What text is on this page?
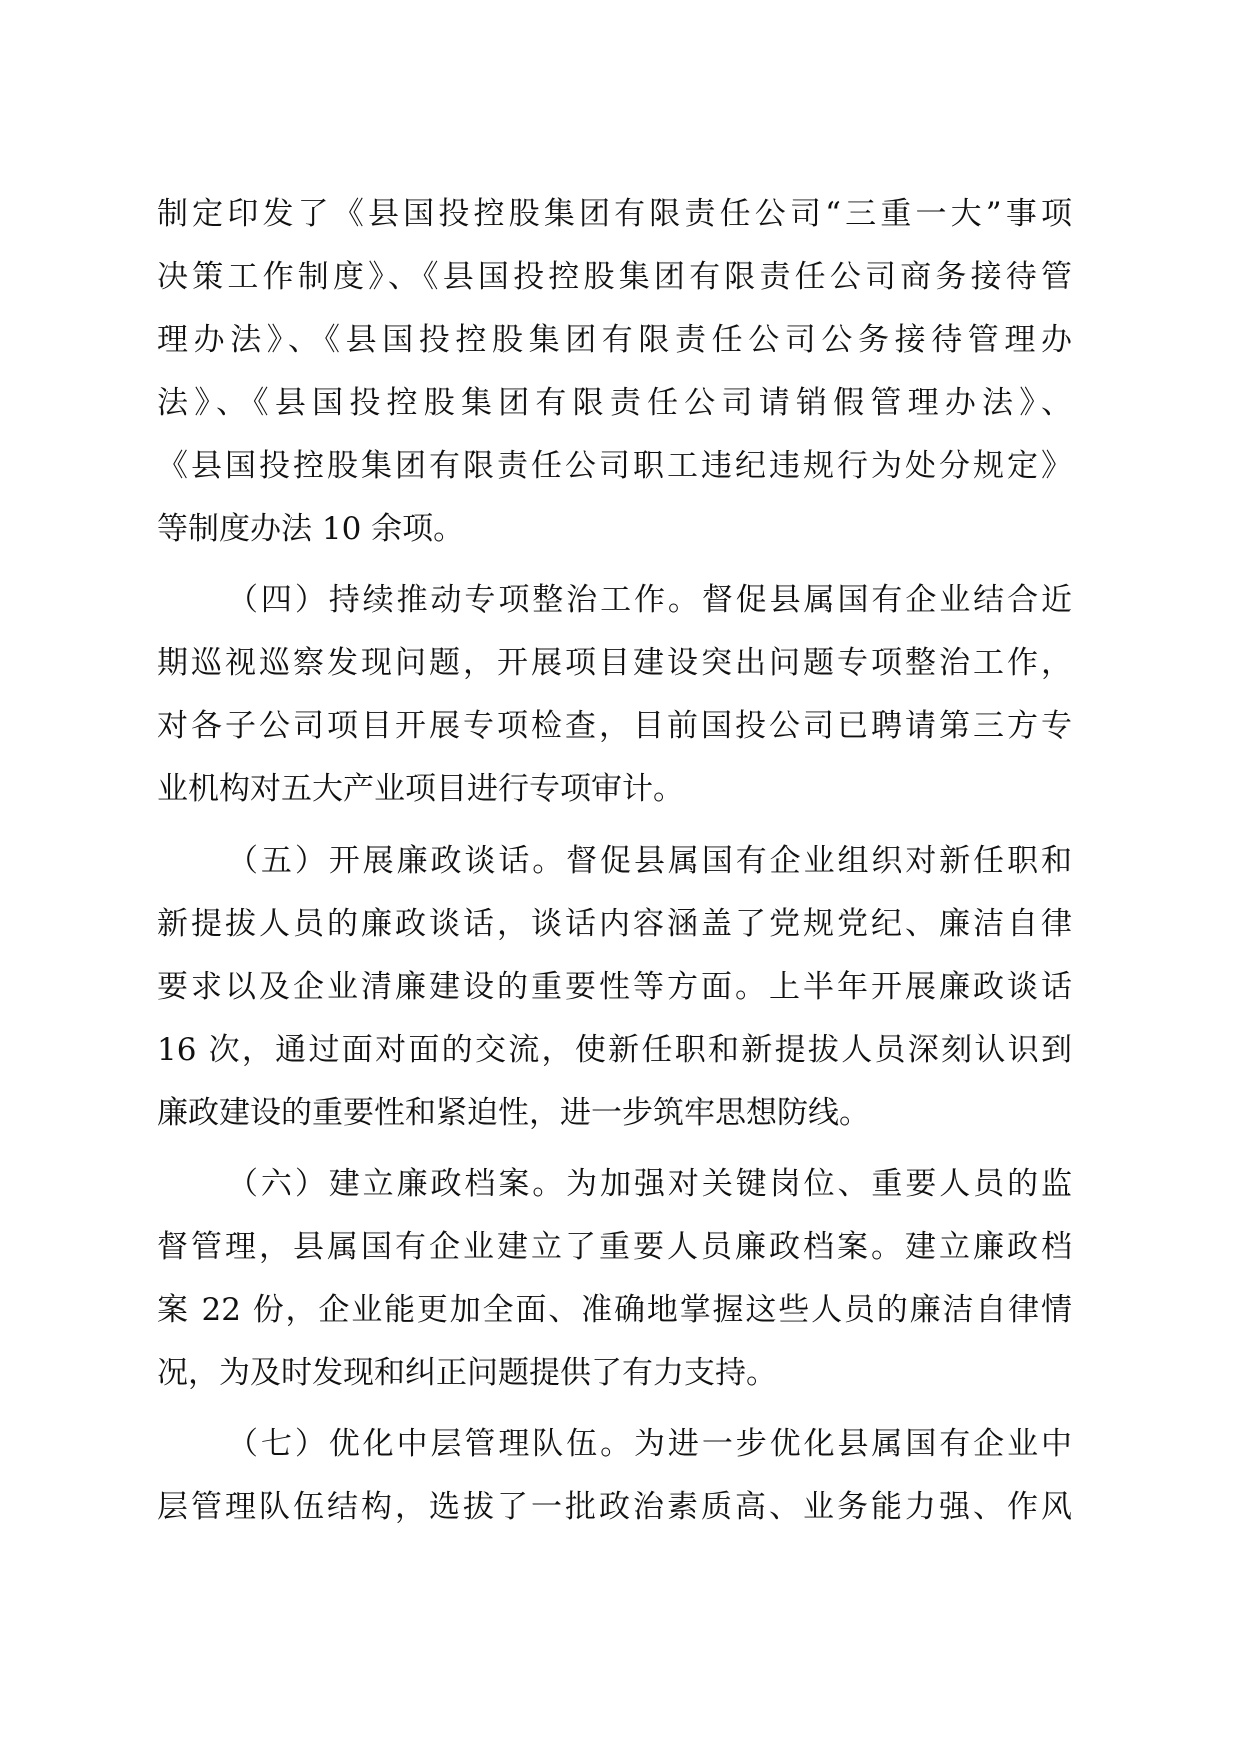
制定印发了《县国投控股集团有限责任公司“三重一大”事项
决策工作制度》、《县国投控股集团有限责任公司商务接待管
理办法》、《县国投控股集团有限责任公司公务接待管理办
法》、《县国投控股集团有限责任公司请销假管理办法》、
《县国投控股集团有限责任公司职工违纪违规行为处分规定》
等制度办法 10 余项。
（四）持续推动专项整治工作。督促县属国有企业结合近
期巡视巡察发现问题，开展项目建设突出问题专项整治工作，
对各子公司项目开展专项检查，目前国投公司已聘请第三方专
业机构对五大产业项目进行专项审计。
（五）开展廉政谈话。督促县属国有企业组织对新任职和
新提拔人员的廉政谈话，谈话内容涵盖了党规党纪、廉洁自律
要求以及企业清廉建设的重要性等方面。上半年开展廉政谈话
16 次，通过面对面的交流，使新任职和新提拔人员深刻认识到
廉政建设的重要性和紧迫性，进一步筑牢思想防线。
（六）建立廉政档案。为加强对关键岗位、重要人员的监
督管理，县属国有企业建立了重要人员廉政档案。建立廉政档
案 22 份，企业能更加全面、准确地掌握这些人员的廉洁自律情
况，为及时发现和纠正问题提供了有力支持。
（七）优化中层管理队伍。为进一步优化县属国有企业中
层管理队伍结构，选拔了一批政治素质高、业务能力强、作风
